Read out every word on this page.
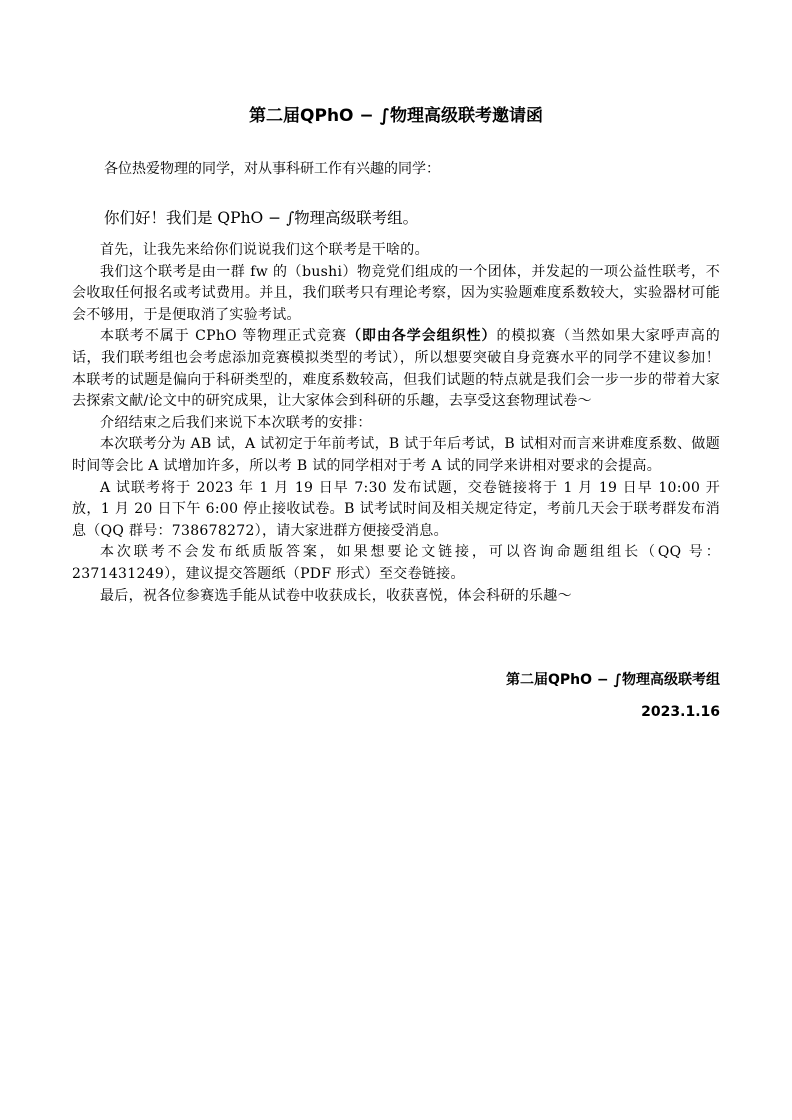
第二届QPhO − ∫物理高级联考邀请函
各位热爱物理的同学，对从事科研工作有兴趣的同学：
你们好！我们是 QPhO − ∫物理高级联考组。

首先，让我先来给你们说说我们这个联考是干啥的。

我们这个联考是由一群 fw 的（bushi）物竞党们组成的一个团体，并发起的一项公益性联考，不会收取任何报名或考试费用。并且，我们联考只有理论考察，因为实验题难度系数较大，实验器材可能会不够用，于是便取消了实验考试。

本联考不属于 CPhO 等物理正式竞赛（即由各学会组织性）的模拟赛（当然如果大家呼声高的话，我们联考组也会考虑添加竞赛模拟类型的考试），所以想要突破自身竞赛水平的同学不建议参加！本联考的试题是偏向于科研类型的，难度系数较高，但我们试题的特点就是我们会一步一步的带着大家去探索文献/论文中的研究成果，让大家体会到科研的乐趣，去享受这套物理试卷～

介绍结束之后我们来说下本次联考的安排：

本次联考分为 AB 试，A 试初定于年前考试，B 试于年后考试，B 试相对而言来讲难度系数、做题时间等会比 A 试增加许多，所以考 B 试的同学相对于考 A 试的同学来讲相对要求的会提高。

A 试联考将于 2023 年 1 月 19 日早 7:30 发布试题，交卷链接将于 1 月 19 日早 10:00 开放，1 月 20 日下午 6:00 停止接收试卷。B 试考试时间及相关规定待定，考前几天会于联考群发布消息（QQ 群号：738678272），请大家进群方便接受消息。

本次联考不会发布纸质版答案，如果想要论文链接，可以咨询命题组组长（QQ 号：2371431249），建议提交答题纸（PDF 形式）至交卷链接。

最后，祝各位参赛选手能从试卷中收获成长，收获喜悦，体会科研的乐趣～

第二届QPhO − ∫物理高级联考组
2023.1.16
